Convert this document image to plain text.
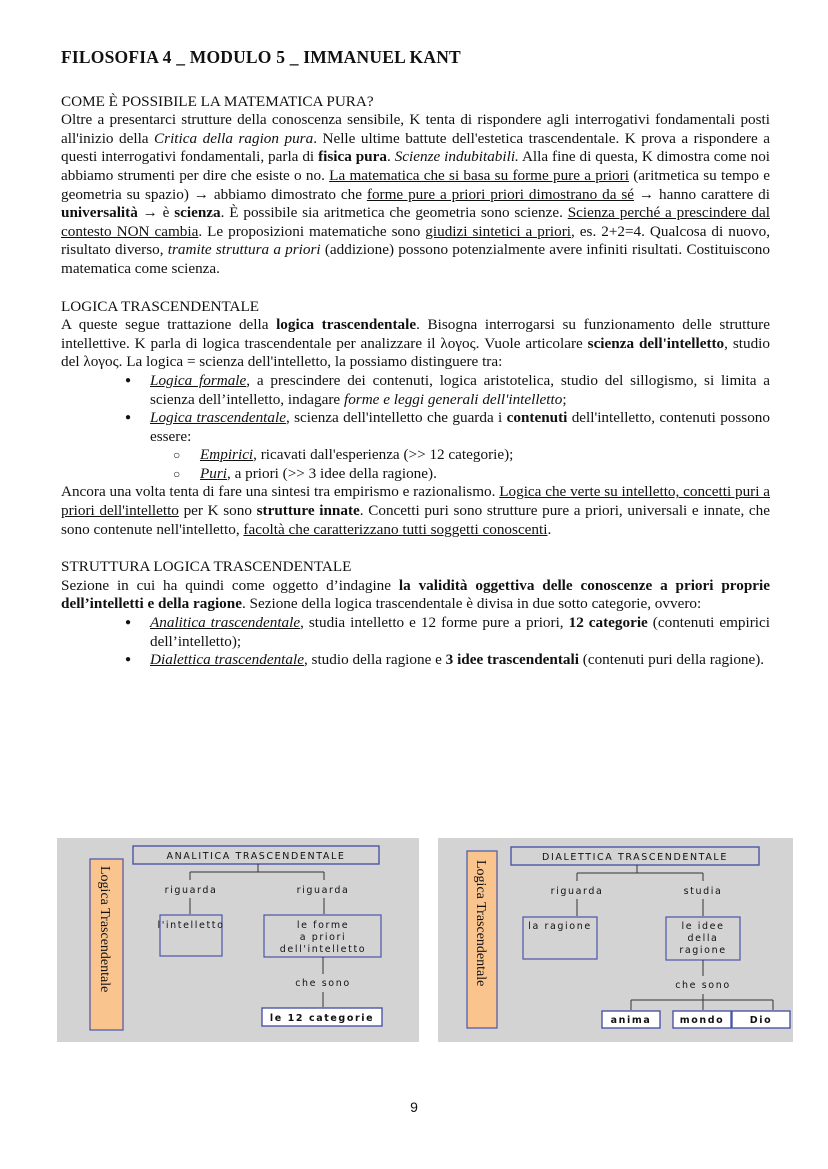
FILOSOFIA 4 _ MODULO 5 _ IMMANUEL KANT

COME È POSSIBILE LA MATEMATICA PURA?

Oltre a presentarci strutture della conoscenza sensibile, K tenta di rispondere agli interrogativi fondamentali posti all'inizio della Critica della ragion pura. Nelle ultime battute dell'estetica trascendentale. K prova a rispondere a questi interrogativi fondamentali, parla di fisica pura. Scienze indubitabili. Alla fine di questa, K dimostra come noi abbiamo strumenti per dire che esiste o no. La matematica che si basa su forme pure a priori (aritmetica su tempo e geometria su spazio) → abbiamo dimostrato che forme pure a priori priori dimostrano da sé → hanno carattere di universalità → è scienza. È possibile sia aritmetica che geometria sono scienze. Scienza perché a prescindere dal contesto NON cambia. Le proposizioni matematiche sono giudizi sintetici a priori, es. 2+2=4. Qualcosa di nuovo, risultato diverso, tramite struttura a priori (addizione) possono potenzialmente avere infiniti risultati. Costituiscono matematica come scienza.

LOGICA TRASCENDENTALE

A queste segue trattazione della logica trascendentale. Bisogna interrogarsi su funzionamento delle strutture intellettive. K parla di logica trascendentale per analizzare il λογος. Vuole articolare scienza dell'intelletto, studio del λογος. La logica = scienza dell'intelletto, la possiamo distinguere tra:

● Logica formale, a prescindere dei contenuti, logica aristotelica, studio del sillogismo, si limita a scienza dell’intelletto, indagare forme e leggi generali dell'intelletto;
● Logica trascendentale, scienza dell'intelletto che guarda i contenuti dell'intelletto, contenuti possono essere:
○ Empirici, ricavati dall'esperienza (>> 12 categorie);
○ Puri, a priori (>> 3 idee della ragione).

Ancora una volta tenta di fare una sintesi tra empirismo e razionalismo. Logica che verte su intelletto, concetti puri a priori dell'intelletto per K sono strutture innate. Concetti puri sono strutture pure a priori, universali e innate, che sono contenute nell'intelletto, facoltà che caratterizzano tutti soggetti conoscenti.

STRUTTURA LOGICA TRASCENDENTALE

Sezione in cui ha quindi come oggetto d’indagine la validità oggettiva delle conoscenze a priori proprie dell’intelletti e della ragione. Sezione della logica trascendentale è divisa in due sotto categorie, ovvero:

● Analitica trascendentale, studia intelletto e 12 forme pure a priori, 12 categorie (contenuti empirici dell’intelletto);
● Dialettica trascendentale, studio della ragione e 3 idee trascendentali (contenuti puri della ragione).
Logica Trascendentale
ANALITICA TRASCENDENTALE
riguarda	riguarda
l'intelletto	le forme
a priori
dell'intelletto
che sono
le 12 categorie
Logica Trascendentale
DIALETTICA TRASCENDENTALE
riguarda	studia
la ragione	le idee
della
ragione
che sono
anima	mondo	Dio
9
